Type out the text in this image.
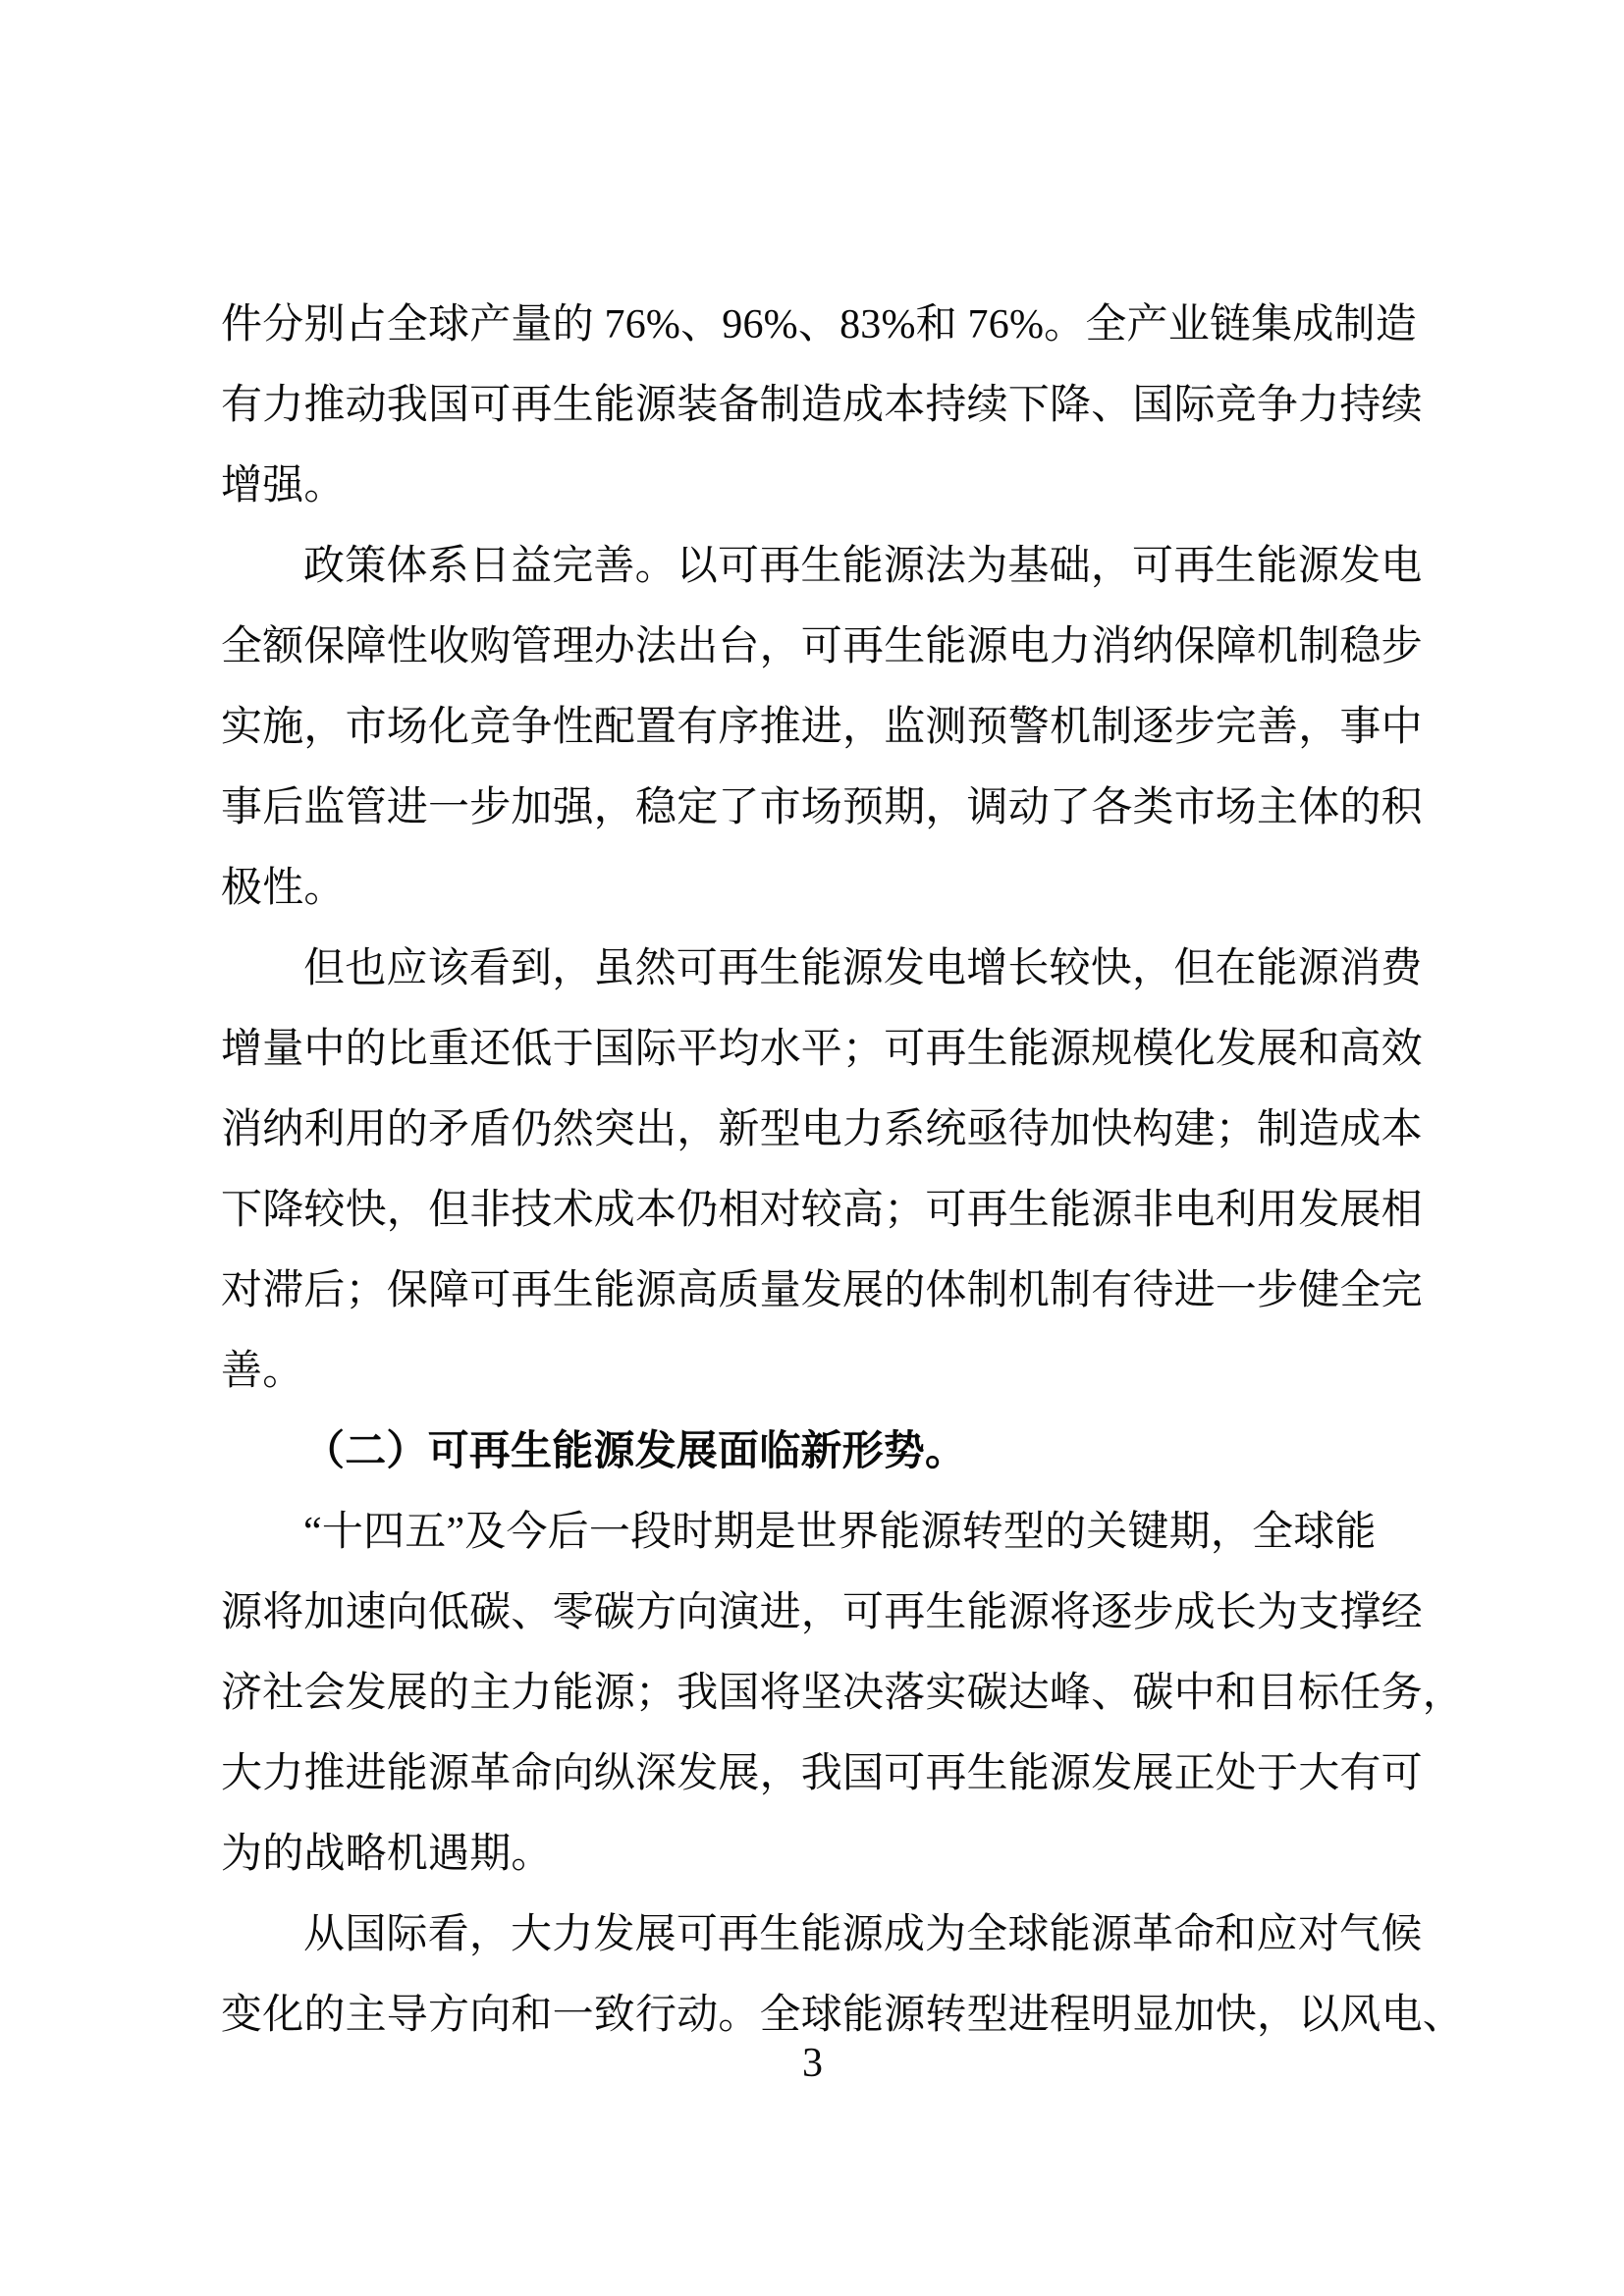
件分别占全球产量的 76%、96%、83%和 76%。全产业链集成制造
有力推动我国可再生能源装备制造成本持续下降、国际竞争力持续
增强。
政策体系日益完善。以可再生能源法为基础，可再生能源发电
全额保障性收购管理办法出台，可再生能源电力消纳保障机制稳步
实施，市场化竞争性配置有序推进，监测预警机制逐步完善，事中
事后监管进一步加强，稳定了市场预期，调动了各类市场主体的积
极性。
但也应该看到，虽然可再生能源发电增长较快，但在能源消费
增量中的比重还低于国际平均水平；可再生能源规模化发展和高效
消纳利用的矛盾仍然突出，新型电力系统亟待加快构建；制造成本
下降较快，但非技术成本仍相对较高；可再生能源非电利用发展相
对滞后；保障可再生能源高质量发展的体制机制有待进一步健全完
善。
（二）可再生能源发展面临新形势。
“十四五”及今后一段时期是世界能源转型的关键期，全球能
源将加速向低碳、零碳方向演进，可再生能源将逐步成长为支撑经
济社会发展的主力能源；我国将坚决落实碳达峰、碳中和目标任务，
大力推进能源革命向纵深发展，我国可再生能源发展正处于大有可
为的战略机遇期。
从国际看，大力发展可再生能源成为全球能源革命和应对气候
变化的主导方向和一致行动。全球能源转型进程明显加快，以风电、
3
